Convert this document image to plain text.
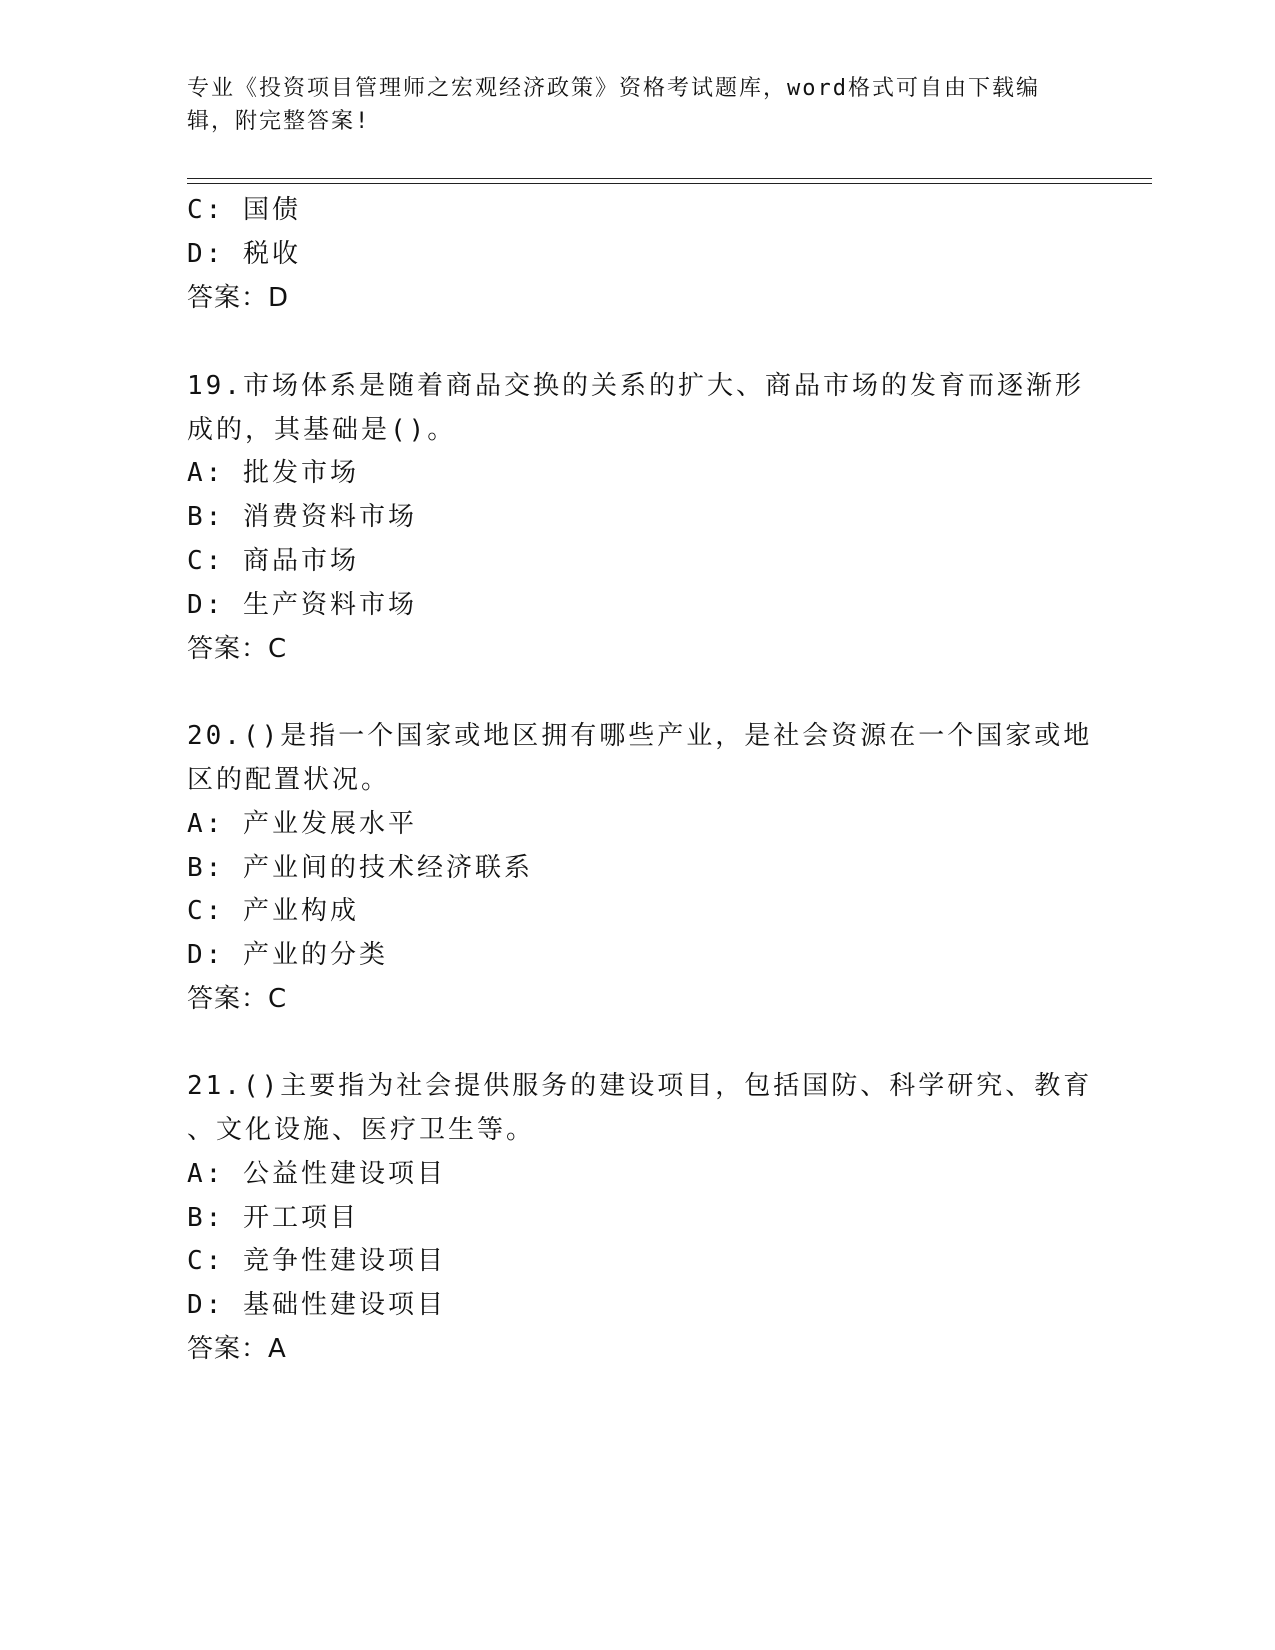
专业《投资项目管理师之宏观经济政策》资格考试题库，word格式可自由下载编辑，附完整答案!
C: 国债
D: 税收
答案：D
19.市场体系是随着商品交换的关系的扩大、商品市场的发育而逐渐形
成的，其基础是()。
A: 批发市场
B: 消费资料市场
C: 商品市场
D: 生产资料市场
答案：C
20.()是指一个国家或地区拥有哪些产业，是社会资源在一个国家或地
区的配置状况。
A: 产业发展水平
B: 产业间的技术经济联系
C: 产业构成
D: 产业的分类
答案：C
21.()主要指为社会提供服务的建设项目，包括国防、科学研究、教育
、文化设施、医疗卫生等。
A: 公益性建设项目
B: 开工项目
C: 竞争性建设项目
D: 基础性建设项目
答案：A
